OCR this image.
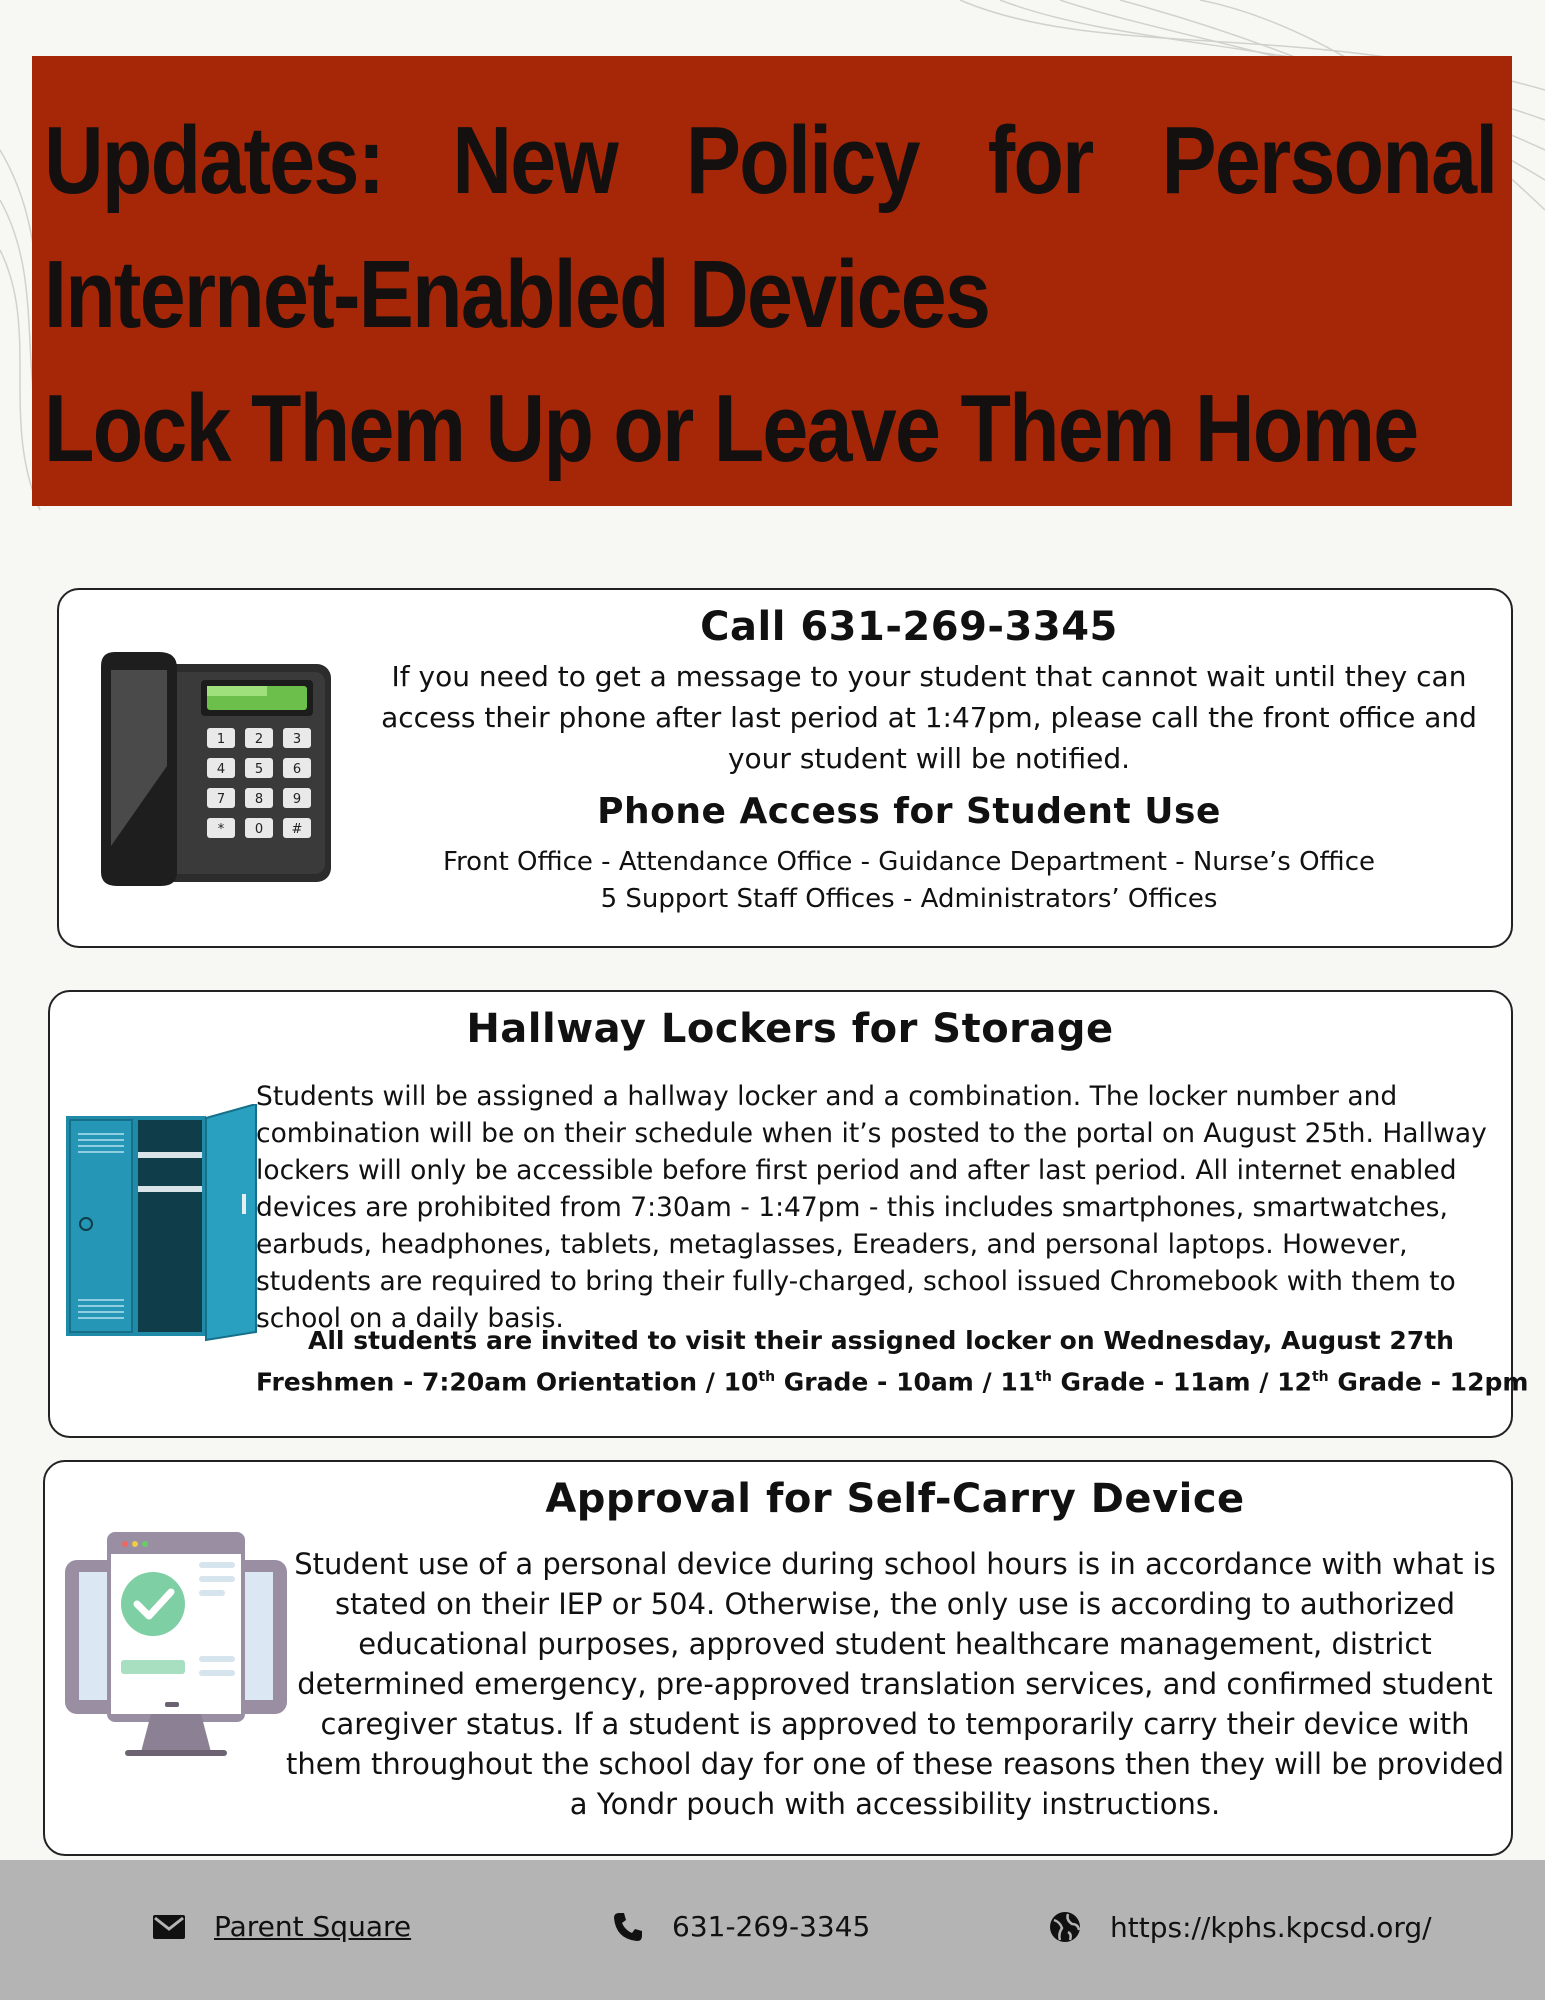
Updates: New Policy for Personal
Internet-Enabled Devices
Lock Them Up or Leave Them Home
1 2 3
4 5 6
7 8 9
* 0 #
Call 631-269-3345
If you need to get a message to your student that cannot wait until they can access their phone after last period at 1:47pm, please call the front office and your student will be notified.
Phone Access for Student Use
Front Office - Attendance Office - Guidance Department - Nurse’s Office
5 Support Staff Offices - Administrators’ Offices
Hallway Lockers for Storage
Students will be assigned a hallway locker and a combination. The locker number and combination will be on their schedule when it’s posted to the portal on August 25th. Hallway lockers will only be accessible before first period and after last period. All internet enabled devices are prohibited from 7:30am - 1:47pm - this includes smartphones, smartwatches, earbuds, headphones, tablets, metaglasses, Ereaders, and personal laptops. However, students are required to bring their fully-charged, school issued Chromebook with them to school on a daily basis.
All students are invited to visit their assigned locker on Wednesday, August 27th
Freshmen - 7:20am Orientation / 10th Grade - 10am / 11th Grade - 11am / 12th Grade - 12pm
Approval for Self-Carry Device
Student use of a personal device during school hours is in accordance with what is stated on their IEP or 504. Otherwise, the only use is according to authorized educational purposes, approved student healthcare management, district determined emergency, pre-approved translation services, and confirmed student caregiver status. If a student is approved to temporarily carry their device with them throughout the school day for one of these reasons then they will be provided a Yondr pouch with accessibility instructions.
Parent Square	631-269-3345	https://kphs.kpcsd.org/
